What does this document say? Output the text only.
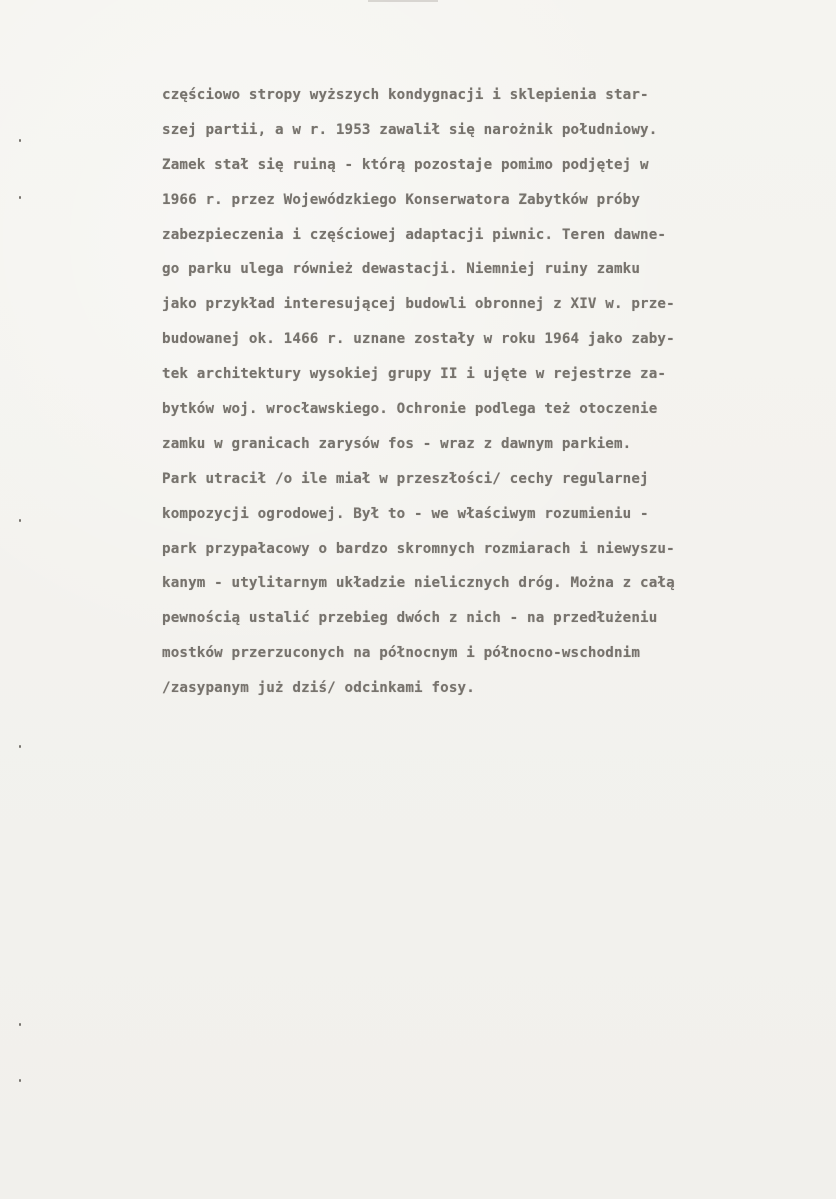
częściowo stropy wyższych kondygnacji i sklepienia star-
szej partii, a w r. 1953 zawalił się narożnik południowy.
Zamek stał się ruiną - którą pozostaje pomimo podjętej w
1966 r. przez Wojewódzkiego Konserwatora Zabytków próby
zabezpieczenia i częściowej adaptacji piwnic. Teren dawne-
go parku ulega również dewastacji. Niemniej ruiny zamku
jako przykład interesującej budowli obronnej z XIV w. prze-
budowanej ok. 1466 r. uznane zostały w roku 1964 jako zaby-
tek architektury wysokiej grupy II i ujęte w rejestrze za-
bytków woj. wrocławskiego. Ochronie podlega też otoczenie
zamku w granicach zarysów fos - wraz z dawnym parkiem.
Park utracił /o ile miał w przeszłości/ cechy regularnej
kompozycji ogrodowej. Był to - we właściwym rozumieniu -
park przypałacowy o bardzo skromnych rozmiarach i niewyszu-
kanym - utylitarnym układzie nielicznych dróg. Można z całą
pewnością ustalić przebieg dwóch z nich - na przedłużeniu
mostków przerzuconych na północnym i północno-wschodnim
/zasypanym już dziś/ odcinkami fosy.
